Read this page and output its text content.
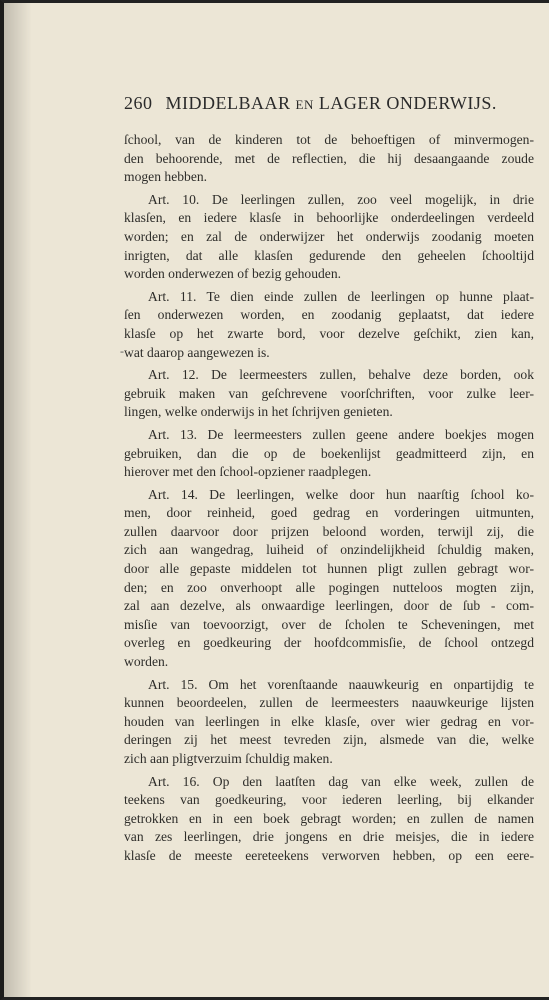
260 MIDDELBAAR EN LAGER ONDERWIJS.
-
ſchool, van de kinderen tot de behoeftigen of minvermogen-
den behoorende, met de reflectien, die hij desaangaande zoude
mogen hebben.
Art. 10. De leerlingen zullen, zoo veel mogelijk, in drie
klasſen, en iedere klasſe in behoorlijke onderdeelingen verdeeld
worden; en zal de onderwijzer het onderwijs zoodanig moeten
inrigten, dat alle klasſen gedurende den geheelen ſchooltijd
worden onderwezen of bezig gehouden.
Art. 11. Te dien einde zullen de leerlingen op hunne plaat-
ſen onderwezen worden, en zoodanig geplaatst, dat iedere
klasſe op het zwarte bord, voor dezelve geſchikt, zien kan,
wat daarop aangewezen is.
Art. 12. De leermeesters zullen, behalve deze borden, ook
gebruik maken van geſchrevene voorſchriften, voor zulke leer-
lingen, welke onderwijs in het ſchrijven genieten.
Art. 13. De leermeesters zullen geene andere boekjes mogen
gebruiken, dan die op de boekenlijst geadmitteerd zijn, en
hierover met den ſchool-opziener raadplegen.
Art. 14. De leerlingen, welke door hun naarſtig ſchool ko-
men, door reinheid, goed gedrag en vorderingen uitmunten,
zullen daarvoor door prijzen beloond worden, terwijl zij, die
zich aan wangedrag, luiheid of onzindelijkheid ſchuldig maken,
door alle gepaste middelen tot hunnen pligt zullen gebragt wor-
den; en zoo onverhoopt alle pogingen nutteloos mogten zijn,
zal aan dezelve, als onwaardige leerlingen, door de ſub - com-
misſie van toevoorzigt, over de ſcholen te Scheveningen, met
overleg en goedkeuring der hoofdcommisſie, de ſchool ontzegd
worden.
Art. 15. Om het vorenſtaande naauwkeurig en onpartijdig te
kunnen beoordeelen, zullen de leermeesters naauwkeurige lijsten
houden van leerlingen in elke klasſe, over wier gedrag en vor-
deringen zij het meest tevreden zijn, alsmede van die, welke
zich aan pligtverzuim ſchuldig maken.
Art. 16. Op den laatſten dag van elke week, zullen de
teekens van goedkeuring, voor iederen leerling, bij elkander
getrokken en in een boek gebragt worden; en zullen de namen
van zes leerlingen, drie jongens en drie meisjes, die in iedere
klasſe de meeste eereteekens verworven hebben, op een eere-
